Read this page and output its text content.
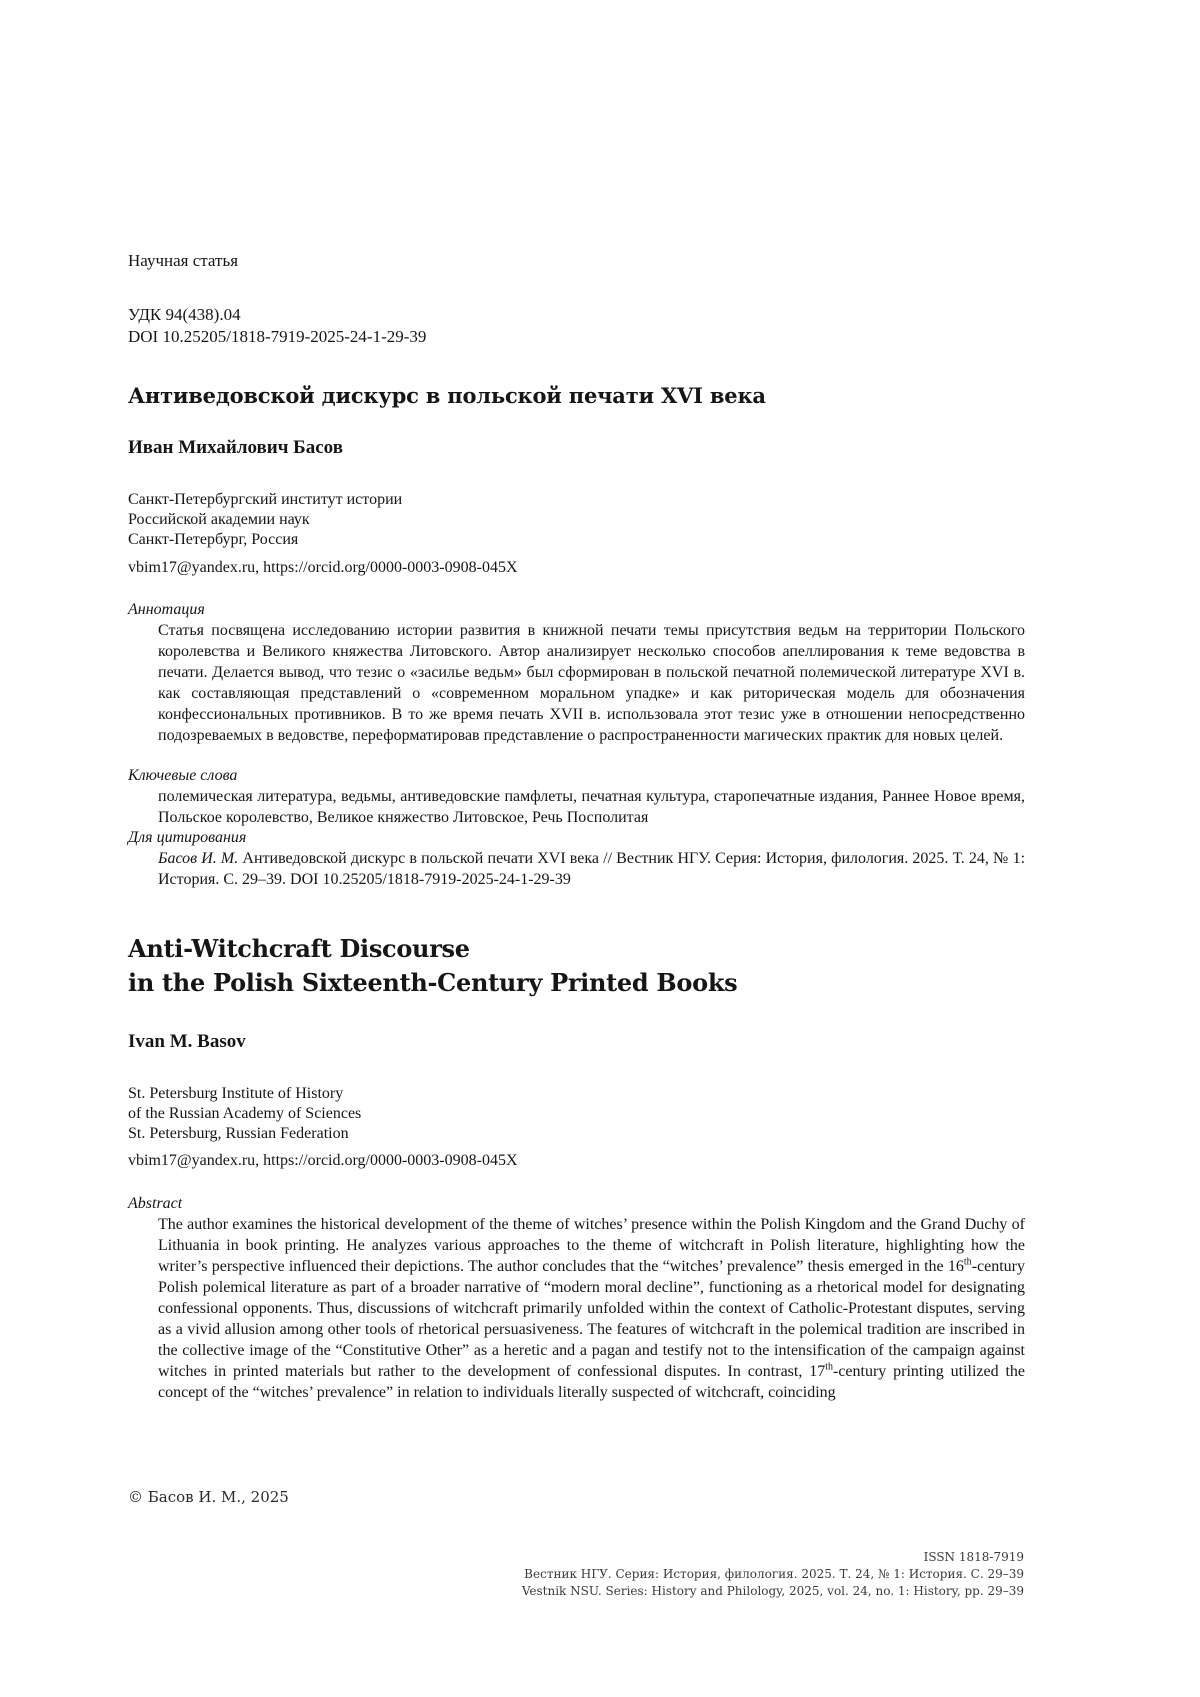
Научная статья

УДК 94(438).04

DOI 10.25205/1818-7919-2025-24-1-29-39

Антиведовской дискурс в польской печати XVI века

Иван Михайлович Басов

Санкт-Петербургский институт истории
Российской академии наук
Санкт-Петербург, Россия

vbim17@yandex.ru, https://orcid.org/0000-0003-0908-045X

Аннотация

Статья посвящена исследованию истории развития в книжной печати темы присутствия ведьм на территории Польского королевства и Великого княжества Литовского. Автор анализирует несколько способов апеллирования к теме ведовства в печати. Делается вывод, что тезис о «засилье ведьм» был сформирован в польской печатной полемической литературе XVI в. как составляющая представлений о «современном моральном упадке» и как риторическая модель для обозначения конфессиональных противников. В то же время печать XVII в. использовала этот тезис уже в отношении непосредственно подозреваемых в ведовстве, переформатировав представление о распространенности магических практик для новых целей.

Ключевые слова

полемическая литература, ведьмы, антиведовские памфлеты, печатная культура, старопечатные издания, Раннее Новое время, Польское королевство, Великое княжество Литовское, Речь Посполитая

Для цитирования

Басов И. М. Антиведовской дискурс в польской печати XVI века // Вестник НГУ. Серия: История, филология. 2025. Т. 24, № 1: История. С. 29–39. DOI 10.25205/1818-7919-2025-24-1-29-39

Anti-Witchcraft Discourse
in the Polish Sixteenth-Century Printed Books

Ivan M. Basov

St. Petersburg Institute of History
of the Russian Academy of Sciences
St. Petersburg, Russian Federation

vbim17@yandex.ru, https://orcid.org/0000-0003-0908-045X

Abstract

The author examines the historical development of the theme of witches’ presence within the Polish Kingdom and the Grand Duchy of Lithuania in book printing. He analyzes various approaches to the theme of witchcraft in Polish literature, highlighting how the writer’s perspective influenced their depictions. The author concludes that the “witches’ prevalence” thesis emerged in the 16th-century Polish polemical literature as part of a broader narrative of “modern moral decline”, functioning as a rhetorical model for designating confessional opponents. Thus, discussions of witchcraft primarily unfolded within the context of Catholic-Protestant disputes, serving as a vivid allusion among other tools of rhetorical persuasiveness. The features of witchcraft in the polemical tradition are inscribed in the collective image of the “Constitutive Other” as a heretic and a pagan and testify not to the intensification of the campaign against witches in printed materials but rather to the development of confessional disputes. In contrast, 17th-century printing utilized the concept of the “witches’ prevalence” in relation to individuals literally suspected of witchcraft, coinciding

© Басов И. М., 2025
ISSN 1818-7919
Вестник НГУ. Серия: История, филология. 2025. Т. 24, № 1: История. С. 29–39
Vestnik NSU. Series: History and Philology, 2025, vol. 24, no. 1: History, pp. 29–39
